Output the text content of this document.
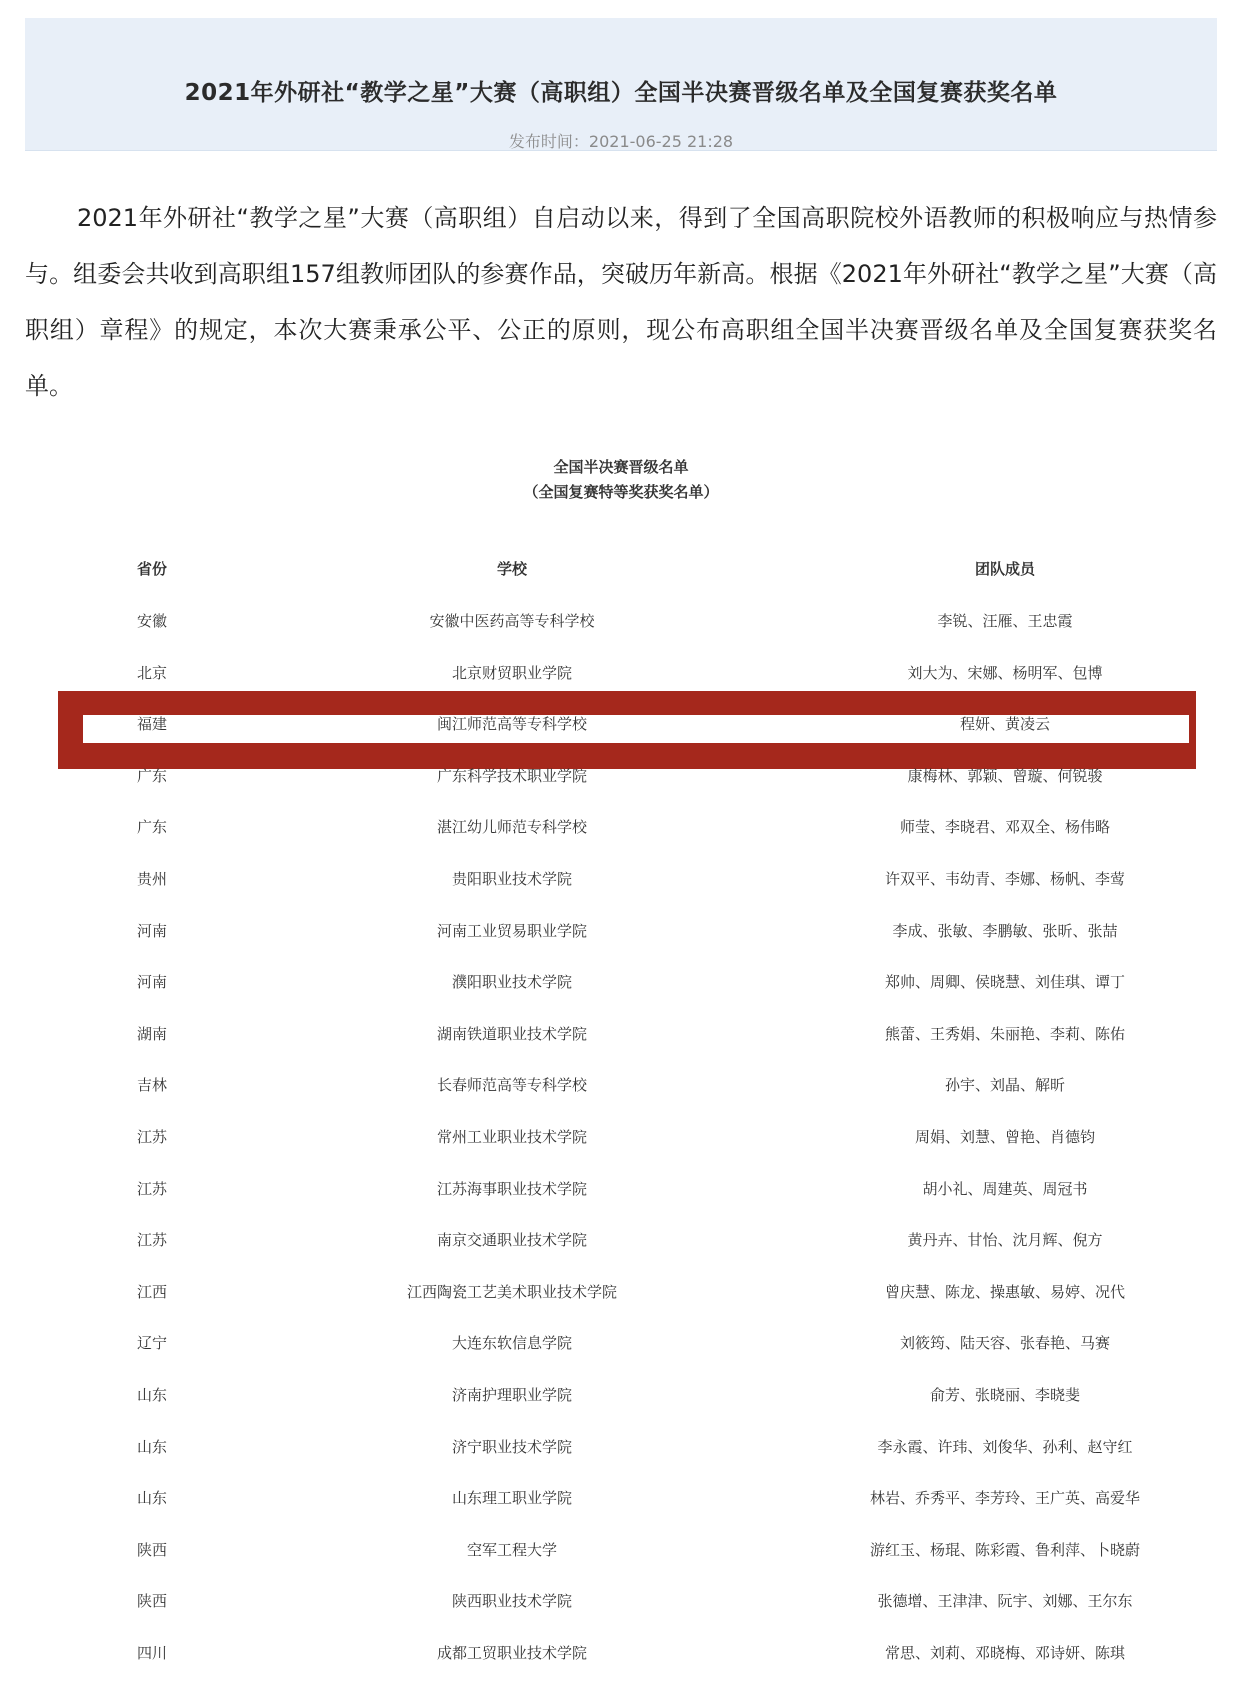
2021年外研社“教学之星”大赛（高职组）全国半决赛晋级名单及全国复赛获奖名单
发布时间：2021-06-25 21:28

2021年外研社“教学之星”大赛（高职组）自启动以来，得到了全国高职院校外语教师的积极响应与热情参与。组委会共收到高职组157组教师团队的参赛作品，突破历年新高。根据《2021年外研社“教学之星”大赛（高职组）章程》的规定，本次大赛秉承公平、公正的原则，现公布高职组全国半决赛晋级名单及全国复赛获奖名单。

全国半决赛晋级名单
（全国复赛特等奖获奖名单）
省份	学校	团队成员
安徽	安徽中医药高等专科学校	李锐、汪雁、王忠霞
北京	北京财贸职业学院	刘大为、宋娜、杨明军、包博
福建	闽江师范高等专科学校	程妍、黄凌云
广东	广东科学技术职业学院	康梅林、郭颖、曾璇、何锐骏
广东	湛江幼儿师范专科学校	师莹、李晓君、邓双全、杨伟略
贵州	贵阳职业技术学院	许双平、韦幼青、李娜、杨帆、李莺
河南	河南工业贸易职业学院	李成、张敏、李鹏敏、张昕、张喆
河南	濮阳职业技术学院	郑帅、周卿、侯晓慧、刘佳琪、谭丁
湖南	湖南铁道职业技术学院	熊蕾、王秀娟、朱丽艳、李莉、陈佑
吉林	长春师范高等专科学校	孙宇、刘晶、解昕
江苏	常州工业职业技术学院	周娟、刘慧、曾艳、肖德钧
江苏	江苏海事职业技术学院	胡小礼、周建英、周冠书
江苏	南京交通职业技术学院	黄丹卉、甘怡、沈月辉、倪方
江西	江西陶瓷工艺美术职业技术学院	曾庆慧、陈龙、操惠敏、易婷、况代
辽宁	大连东软信息学院	刘筱筠、陆天容、张春艳、马赛
山东	济南护理职业学院	俞芳、张晓丽、李晓斐
山东	济宁职业技术学院	李永霞、许玮、刘俊华、孙利、赵守红
山东	山东理工职业学院	林岩、乔秀平、李芳玲、王广英、高爱华
陕西	空军工程大学	游红玉、杨琨、陈彩霞、鲁利萍、卜晓蔚
陕西	陕西职业技术学院	张德增、王津津、阮宇、刘娜、王尔东
四川	成都工贸职业技术学院	常思、刘莉、邓晓梅、邓诗妍、陈琪
